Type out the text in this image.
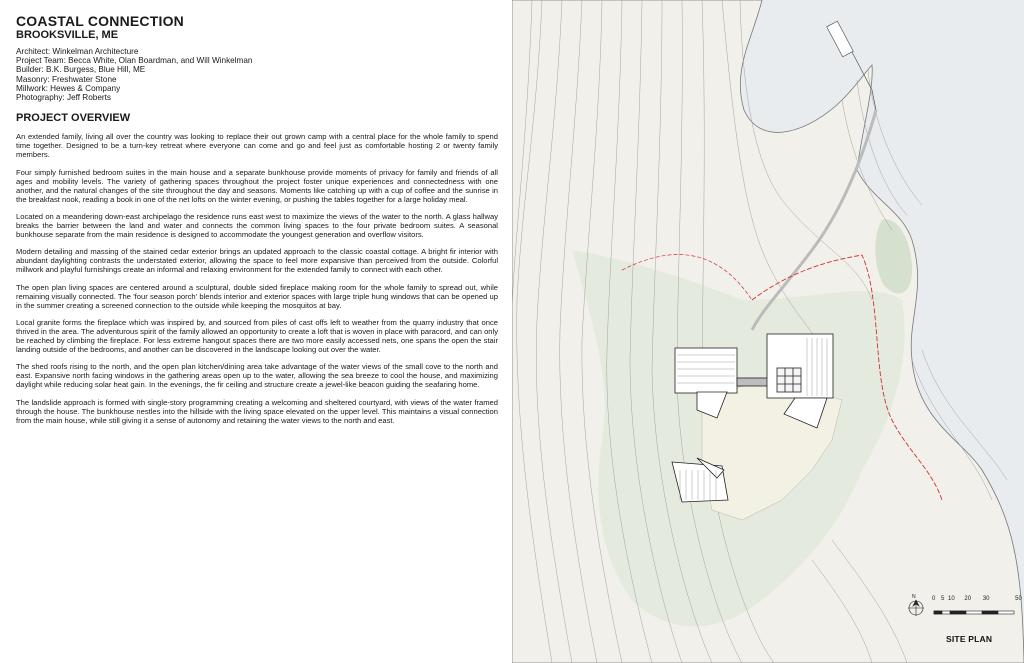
COASTAL CONNECTION
BROOKSVILLE, ME
Architect: Winkelman Architecture
Project Team: Becca White, Olan Boardman, and Will Winkelman
Builder: B.K. Burgess, Blue Hill, ME
Masonry: Freshwater Stone
Millwork: Hewes & Company
Photography: Jeff Roberts
PROJECT OVERVIEW

An extended family, living all over the country was looking to replace their out grown camp with a central place for the whole family to spend time together. Designed to be a turn-key retreat where everyone can come and go and feel just as comfortable hosting 2 or twenty family members.

Four simply furnished bedroom suites in the main house and a separate bunkhouse provide moments of privacy for family and friends of all ages and mobility levels. The variety of gathering spaces throughout the project foster unique experiences and connectedness with one another, and the natural changes of the site throughout the day and seasons. Moments like catching up with a cup of coffee and the sunrise in the breakfast nook, reading a book in one of the net lofts on the winter evening, or pushing the tables together for a large holiday meal.

Located on a meandering down-east archipelago the residence runs east west to maximize the views of the water to the north. A glass hallway breaks the barrier between the land and water and connects the common living spaces to the four private bedroom suites. A seasonal bunkhouse separate from the main residence is designed to accommodate the youngest generation and overflow visitors.

Modern detailing and massing of the stained cedar exterior brings an updated approach to the classic coastal cottage. A bright fir interior with abundant daylighting contrasts the understated exterior, allowing the space to feel more expansive than perceived from the outside. Colorful millwork and playful furnishings create an informal and relaxing environment for the extended family to connect with each other.

The open plan living spaces are centered around a sculptural, double sided fireplace making room for the whole family to spread out, while remaining visually connected. The 'four season porch' blends interior and exterior spaces with large triple hung windows that can be opened up in the summer creating a screened connection to the outside while keeping the mosquitos at bay.

Local granite forms the fireplace which was inspired by, and sourced from piles of cast offs left to weather from the quarry industry that once thrived in the area. The adventurous spirit of the family allowed an opportunity to create a loft that is woven in place with paracord, and can only be reached by climbing the fireplace. For less extreme hangout spaces there are two more easily accessed nets, one spans the open the stair landing outside of the bedrooms, and another can be discovered in the landscape looking out over the water.

The shed roofs rising to the north, and the open plan kitchen/dining area take advantage of the water views of the small cove to the north and east. Expansive north facing windows in the gathering areas open up to the water, allowing the sea breeze to cool the house, and maximizing daylight while reducing solar heat gain. In the evenings, the fir ceiling and structure create a jewel-like beacon guiding the seafaring home.

The landslide approach is formed with single-story programming creating a welcoming and sheltered courtyard, with views of the water framed through the house. The bunkhouse nestles into the hillside with the living space elevated on the upper level. This maintains a visual connection from the main house, while still giving it a sense of autonomy and retaining the water views to the north and east.

N	0 5 10 20 30	50
SITE PLAN
